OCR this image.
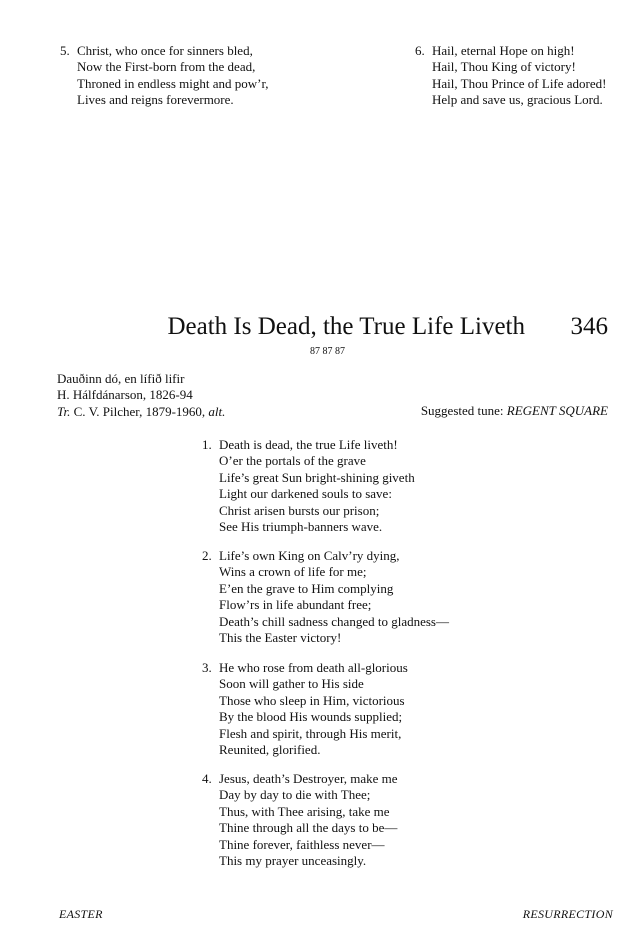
5. Christ, who once for sinners bled,
Now the First-born from the dead,
Throned in endless might and pow’r,
Lives and reigns forevermore.
6. Hail, eternal Hope on high!
Hail, Thou King of victory!
Hail, Thou Prince of Life adored!
Help and save us, gracious Lord.
Death Is Dead, the True Life Liveth 346
87 87 87
Dauðinn dó, en lífið lifir
H. Hálfdánarson, 1826-94
Tr. C. V. Pilcher, 1879-1960, alt.	Suggested tune: REGENT SQUARE
1. Death is dead, the true Life liveth!
O’er the portals of the grave
Life’s great Sun bright-shining giveth
Light our darkened souls to save:
Christ arisen bursts our prison;
See His triumph-banners wave.
2. Life’s own King on Calv’ry dying,
Wins a crown of life for me;
E’en the grave to Him complying
Flow’rs in life abundant free;
Death’s chill sadness changed to gladness—
This the Easter victory!
3. He who rose from death all-glorious
Soon will gather to His side
Those who sleep in Him, victorious
By the blood His wounds supplied;
Flesh and spirit, through His merit,
Reunited, glorified.
4. Jesus, death’s Destroyer, make me
Day by day to die with Thee;
Thus, with Thee arising, take me
Thine through all the days to be—
Thine forever, faithless never—
This my prayer unceasingly.
EASTER	RESURRECTION
